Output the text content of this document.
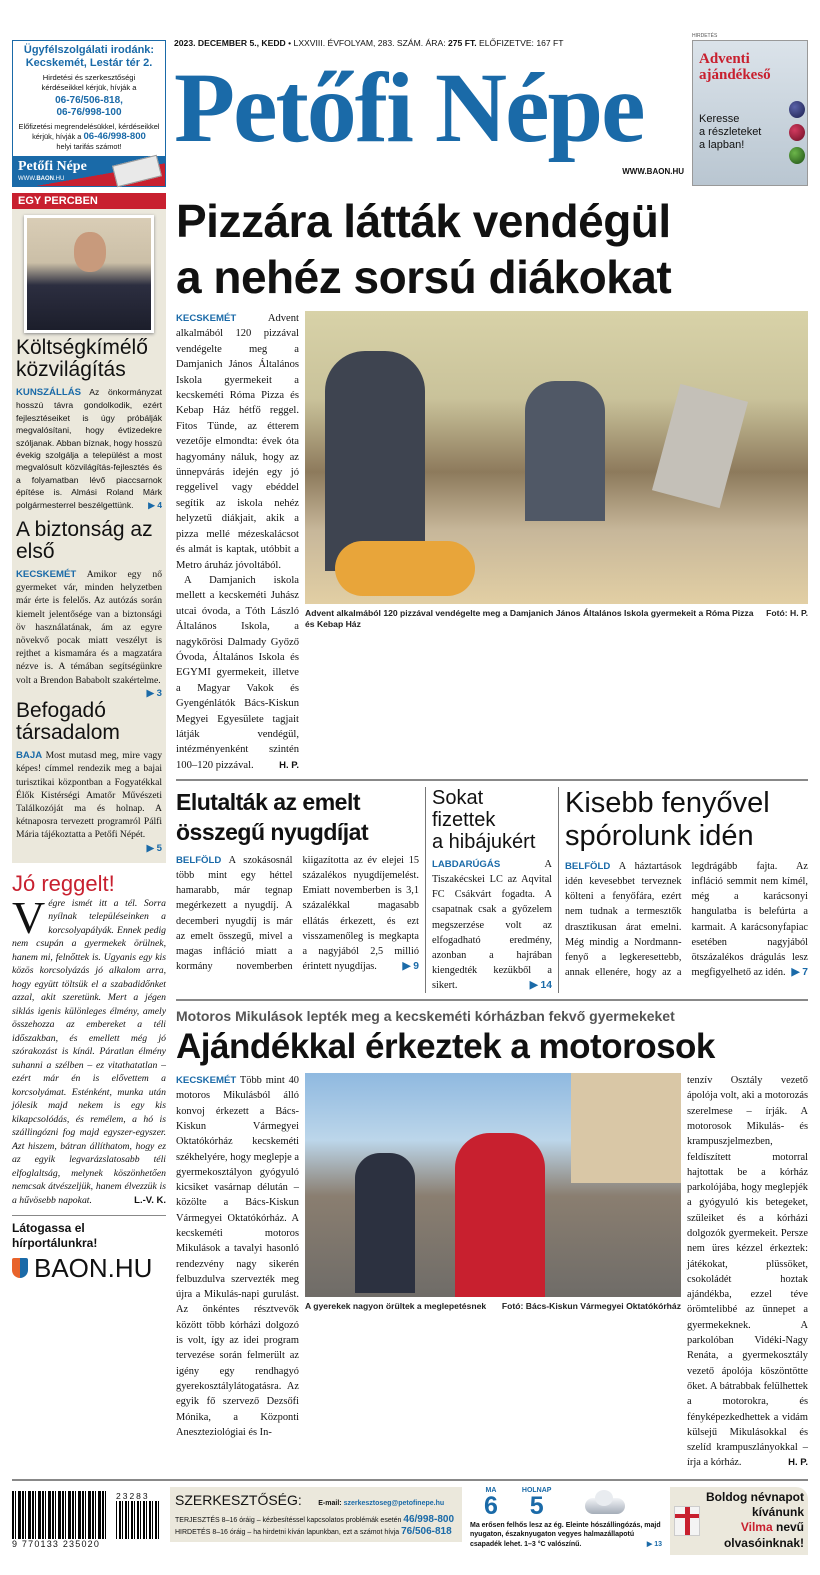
Ügyfélszolgálati irodánk:
Kecskemét, Lestár tér 2.
Hirdetési és szerkesztőségi kérdéseikkel kérjük, hívják a
06-76/506-818,
06-76/998-100
Előfizetési megrendelésükkel, kérdéseikkel kérjük, hívják a 06-46/998-800
helyi tarifás számot!
Petőfi Népe
WWW.BAON.HU
2023. DECEMBER 5., KEDD • LXXVIII. ÉVFOLYAM, 283. SZÁM. ÁRA: 275 FT. ELŐFIZETVE: 167 FT
Petőfi Népe
WWW.BAON.HU
HIRDETÉS
Adventi
ajándékeső
Keresse
a részleteket
a lapban!
EGY PERCBEN
Költségkímélő közvilágítás
KUNSZÁLLÁS Az önkormányzat hosszú távra gondolkodik, ezért fejlesztéseiket is úgy próbálják megvalósítani, hogy évtizedekre szóljanak. Abban bíznak, hogy hosszú évekig szolgálja a települést a most megvalósult közvilágítás-fejlesztés és a folyamatban lévő piaccsarnok építése is. Almási Roland Márk polgármesterrel beszélgettünk. ▶ 4
A biztonság az első
KECSKEMÉT Amikor egy nő gyermeket vár, minden helyzetben már érte is felelős. Az autózás során kiemelt jelentősége van a biztonsági öv használatának, ám az egyre növekvő pocak miatt veszélyt is rejthet a kismamára és a magzatára nézve is. A témában segítségünkre volt a Brendon Bababolt szakértelme.
▶ 3
Befogadó társadalom
BAJA Most mutasd meg, mire vagy képes! címmel rendezik meg a bajai turisztikai központban a Fogyatékkal Élők Kistérségi Amatőr Művészeti Találkozóját ma és holnap. A kétnaposra tervezett programról Pálfi Mária tájékoztatta a Petőfi Népét.
▶ 5
Jó reggelt!
Végre ismét itt a tél. Sorra nyílnak településeinken a korcsolyapályák. Ennek pedig nem csupán a gyermekek örülnek, hanem mi, felnőttek is. Ugyanis egy kis közös korcsolyázás jó alkalom arra, hogy együtt töltsük el a szabadidőnket azzal, akit szeretünk. Mert a jégen siklás igenis különleges élmény, amely összehozza az embereket a téli időszakban, és emellett még jó szórakozást is kínál. Páratlan élmény suhanni a szélben – ez vitathatatlan – ezért már én is elővettem a korcsolyámat. Esténként, munka után jólesik majd nekem is egy kis kikapcsolódás, és remélem, a hó is szállingózni fog majd egyszer-egyszer. Azt hiszem, bátran állíthatom, hogy ez az egyik legvarázslatosabb téli elfoglaltság, melynek köszönhetően nemcsak átvészeljük, hanem élvezzük is a hűvösebb napokat.	L.-V. K.
Látogassa el hírportálunkra!
BAON.HU
Pizzára látták vendégül
a nehéz sorsú diákokat

KECSKEMÉT Advent alkalmából 120 pizzával vendégelte meg a Damjanich János Általános Iskola gyermekeit a kecskeméti Róma Pizza és Kebap Ház hétfő reggel. Fitos Tünde, az étterem vezetője elmondta: évek óta hagyomány náluk, hogy az ünnepvárás idején egy jó reggelivel vagy ebéddel segítik az iskola nehéz helyzetű diákjait, akik a pizza mellé mézeskalácsot és almát is kaptak, utóbbit a Metro áruház jóvoltából.

A Damjanich iskola mellett a kecskeméti Juhász utcai óvoda, a Tóth László Általános Iskola, a nagykőrösi Dalmady Győző Óvoda, Általános Iskola és EGYMI gyermekeit, illetve a Magyar Vakok és Gyengénlátók Bács-Kiskun Megyei Egyesülete tagjait látják vendégül, intézményenként szintén 100–120 pizzával.	H. P.

Fotó: H. P.
Advent alkalmából 120 pizzával vendégelte meg a Damjanich János Általános Iskola gyermekeit a Róma Pizza és Kebap Ház
Elutalták az emelt
összegű nyugdíjat
BELFÖLD A szokásosnál több mint egy héttel hamarabb, már tegnap megérkezett a nyugdíj. A decemberi nyugdíj is már az emelt összegű, mivel a magas infláció miatt a kormány novemberben kiigazította az év elejei 15 százalékos nyugdíjemelést. Emiatt novemberben is 3,1 százalékkal magasabb ellátás érkezett, és ezt visszamenőleg is megkapta a nagyjából 2,5 millió érintett nyugdíjas. ▶ 9
Sokat
fizettek
a hibájukért
LABDARÚGÁS A Tiszakécskei LC az Aqvital FC Csákvárt fogadta. A csapatnak csak a győzelem megszerzése volt az elfogadható eredmény, azonban a hajrában kiengedték kezükből a sikert.	▶ 14
Kisebb fenyővel
spórolunk idén
BELFÖLD A háztartások idén kevesebbet terveznek költeni a fenyőfára, ezért nem tudnak a termesztők drasztikusan árat emelni. Még mindig a Nordmann-fenyő a legkeresettebb, annak ellenére, hogy az a legdrágább fajta. Az infláció semmit nem kímél, még a karácsonyi hangulatba is belefúrta a karmait. A karácsonyfapiac esetében nagyjából ötszázalékos drágulás lesz megfigyelhető az idén. ▶ 7
Motoros Mikulások lepték meg a kecskeméti kórházban fekvő gyermekeket
Ajándékkal érkeztek a motorosok
KECSKEMÉT Több mint 40 motoros Mikulásból álló konvoj érkezett a Bács-Kiskun Vármegyei Oktatókórház kecskeméti székhelyére, hogy meglepje a gyermekosztályon gyógyuló kicsiket vasárnap délután – közölte a Bács-Kiskun Vármegyei Oktatókórház. A kecskeméti motoros Mikulások a tavalyi hasonló rendezvény nagy sikerén felbuzdulva szervezték meg újra a Mikulás-napi gurulást. Az önkéntes résztvevők között több kórházi dolgozó is volt, így az idei program tervezése során felmerült az igény egy rendhagyó gyerekosztálylátogatásra. Az egyik fő szervező Dezsőfi Mónika, a Központi Aneszteziológiai és In-
Fotó: Bács-Kiskun Vármegyei Oktatókórház
A gyerekek nagyon örültek a meglepetésnek
tenzív Osztály vezető ápolója volt, aki a motorozás szerelmese – írják. A motorosok Mikulás- és krampuszjelmezben, feldíszített motorral hajtottak be a kórház parkolójába, hogy meglepjék a gyógyuló kis betegeket, szüleiket és a kórházi dolgozók gyermekeit. Persze nem üres kézzel érkeztek: játékokat, plüssöket, csokoládét hoztak ajándékba, ezzel téve örömtelibbé az ünnepet a gyermekeknek. A parkolóban Vidéki-Nagy Renáta, a gyermekosztály vezető ápolója köszöntötte őket. A bátrabbak felülhettek a motorokra, és fényképezkedhettek a vidám külsejű Mikulásokkal és szelíd krampuszlányokkal – írja a kórház.	H. P.
23283
9 770133 235020
SZERKESZTŐSÉG: E-mail: szerkesztoseg@petofinepe.hu
TERJESZTÉS 8–16 óráig – kézbesítéssel kapcsolatos problémák esetén 46/998-800
HIRDETÉS 8–16 óráig – ha hirdetni kíván lapunkban, ezt a számot hívja 76/506-818
MA
6
HOLNAP
5
Ma erősen felhős lesz az ég. Eleinte hószállingózás, majd nyugaton, északnyugaton vegyes halmazállapotú csapadék lehet. 1–3 °C valószínű.	▶ 13
Boldog névnapot
kívánunk
Vilma nevű
olvasóinknak!
